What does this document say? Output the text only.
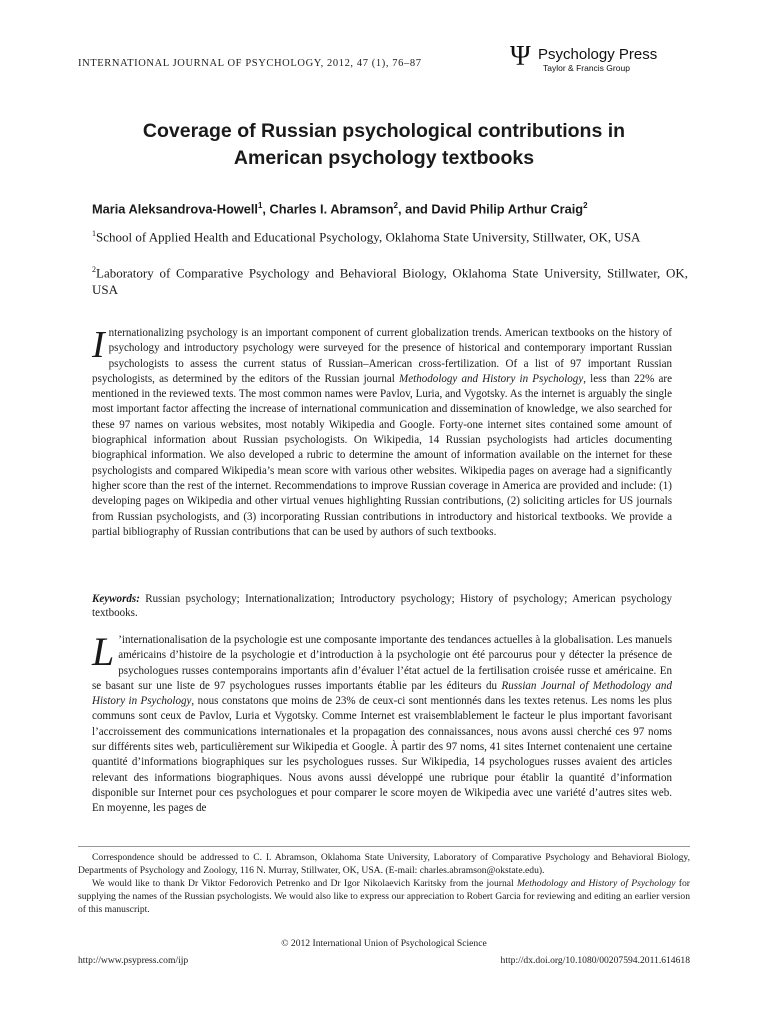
INTERNATIONAL JOURNAL OF PSYCHOLOGY, 2012, 47 (1), 76–87	Ψ Psychology Press
Taylor & Francis Group
Coverage of Russian psychological contributions in
American psychology textbooks
Maria Aleksandrova-Howell$^1$, Charles I. Abramson$^2$, and David Philip Arthur Craig$^2$
$^1$School of Applied Health and Educational Psychology, Oklahoma State University, Stillwater, OK, USA
$^2$Laboratory of Comparative Psychology and Behavioral Biology, Oklahoma State University, Stillwater, OK, USA
Internationalizing psychology is an important component of current globalization trends. American textbooks on the history of psychology and introductory psychology were surveyed for the presence of historical and contemporary important Russian psychologists to assess the current status of Russian–American cross-fertilization. Of a list of 97 important Russian psychologists, as determined by the editors of the Russian journal Methodology and History in Psychology, less than 22% are mentioned in the reviewed texts. The most common names were Pavlov, Luria, and Vygotsky. As the internet is arguably the single most important factor affecting the increase of international communication and dissemination of knowledge, we also searched for these 97 names on various websites, most notably Wikipedia and Google. Forty-one internet sites contained some amount of biographical information about Russian psychologists. On Wikipedia, 14 Russian psychologists had articles documenting biographical information. We also developed a rubric to determine the amount of information available on the internet for these psychologists and compared Wikipedia’s mean score with various other websites. Wikipedia pages on average had a significantly higher score than the rest of the internet. Recommendations to improve Russian coverage in America are provided and include: (1) developing pages on Wikipedia and other virtual venues highlighting Russian contributions, (2) soliciting articles for US journals from Russian psychologists, and (3) incorporating Russian contributions in introductory and historical textbooks. We provide a partial bibliography of Russian contributions that can be used by authors of such textbooks.
Keywords: Russian psychology; Internationalization; Introductory psychology; History of psychology; American psychology textbooks.
L ’internationalisation de la psychologie est une composante importante des tendances actuelles à la globalisation. Les manuels américains d’histoire de la psychologie et d’introduction à la psychologie ont été parcourus pour y détecter la présence de psychologues russes contemporains importants afin d’évaluer l’état actuel de la fertilisation croisée russe et américaine. En se basant sur une liste de 97 psychologues russes importants établie par les éditeurs du Russian Journal of Methodology and History in Psychology, nous constatons que moins de 23% de ceux-ci sont mentionnés dans les textes retenus. Les noms les plus communs sont ceux de Pavlov, Luria et Vygotsky. Comme Internet est vraisemblablement le facteur le plus important favorisant l’accroissement des communications internationales et la propagation des connaissances, nous avons aussi cherché ces 97 noms sur différents sites web, particulièrement sur Wikipedia et Google. À partir des 97 noms, 41 sites Internet contenaient une certaine quantité d’informations biographiques sur les psychologues russes. Sur Wikipedia, 14 psychologues russes avaient des articles relevant des informations biographiques. Nous avons aussi développé une rubrique pour établir la quantité d’information disponible sur Internet pour ces psychologues et pour comparer le score moyen de Wikipedia avec une variété d’autres sites web. En moyenne, les pages de

Correspondence should be addressed to C. I. Abramson, Oklahoma State University, Laboratory of Comparative Psychology and Behavioral Biology, Departments of Psychology and Zoology, 116 N. Murray, Stillwater, OK, USA. (E-mail: charles.abramson@okstate.edu).

We would like to thank Dr Viktor Fedorovich Petrenko and Dr Igor Nikolaevich Karitsky from the journal Methodology and History of Psychology for supplying the names of the Russian psychologists. We would also like to express our appreciation to Robert Garcia for reviewing and editing an earlier version of this manuscript.

© 2012 International Union of Psychological Science
http://www.psypress.com/ijp	http://dx.doi.org/10.1080/00207594.2011.614618
